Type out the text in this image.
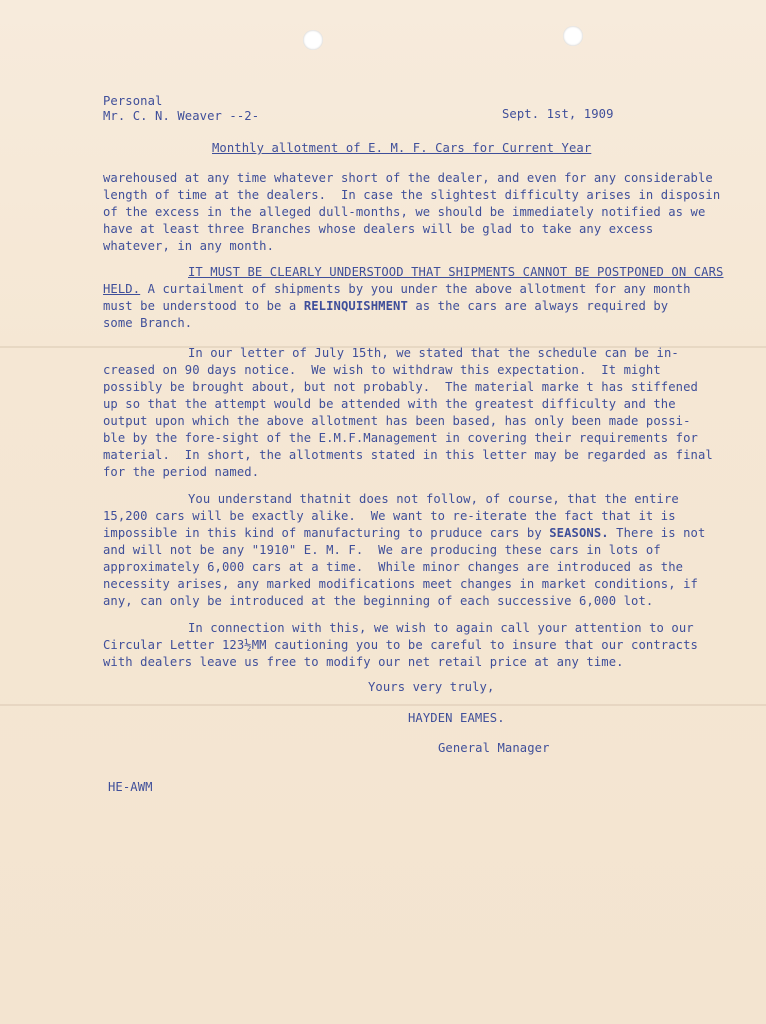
Personal
Mr. C. N. Weaver --2-	Sept. 1st, 1909
Monthly allotment of E. M. F. Cars for Current Year
warehoused at any time whatever short of the dealer, and even for any considerable
length of time at the dealers.  In case the slightest difficulty arises in disposin
of the excess in the alleged dull-months, we should be immediately notified as we
have at least three Branches whose dealers will be glad to take any excess
whatever, in any month.
IT MUST BE CLEARLY UNDERSTOOD THAT SHIPMENTS CANNOT BE POSTPONED ON CARS
HELD. A curtailment of shipments by you under the above allotment for any month
must be understood to be a RELINQUISHMENT as the cars are always required by
some Branch.
In our letter of July 15th, we stated that the schedule can be in-
creased on 90 days notice.  We wish to withdraw this expectation.  It might
possibly be brought about, but not probably.  The material marke t has stiffened
up so that the attempt would be attended with the greatest difficulty and the
output upon which the above allotment has been based, has only been made possi-
ble by the fore-sight of the E.M.F.Management in covering their requirements for
material.  In short, the allotments stated in this letter may be regarded as final
for the period named.
You understand thatnit does not follow, of course, that the entire
15,200 cars will be exactly alike.  We want to re-iterate the fact that it is
impossible in this kind of manufacturing to pruduce cars by SEASONS. There is not
and will not be any "1910" E. M. F.  We are producing these cars in lots of
approximately 6,000 cars at a time.  While minor changes are introduced as the
necessity arises, any marked modifications meet changes in market conditions, if
any, can only be introduced at the beginning of each successive 6,000 lot.
In connection with this, we wish to again call your attention to our
Circular Letter 123½MM cautioning you to be careful to insure that our contracts
with dealers leave us free to modify our net retail price at any time.
Yours very truly,
HAYDEN EAMES.
General Manager
HE-AWM
